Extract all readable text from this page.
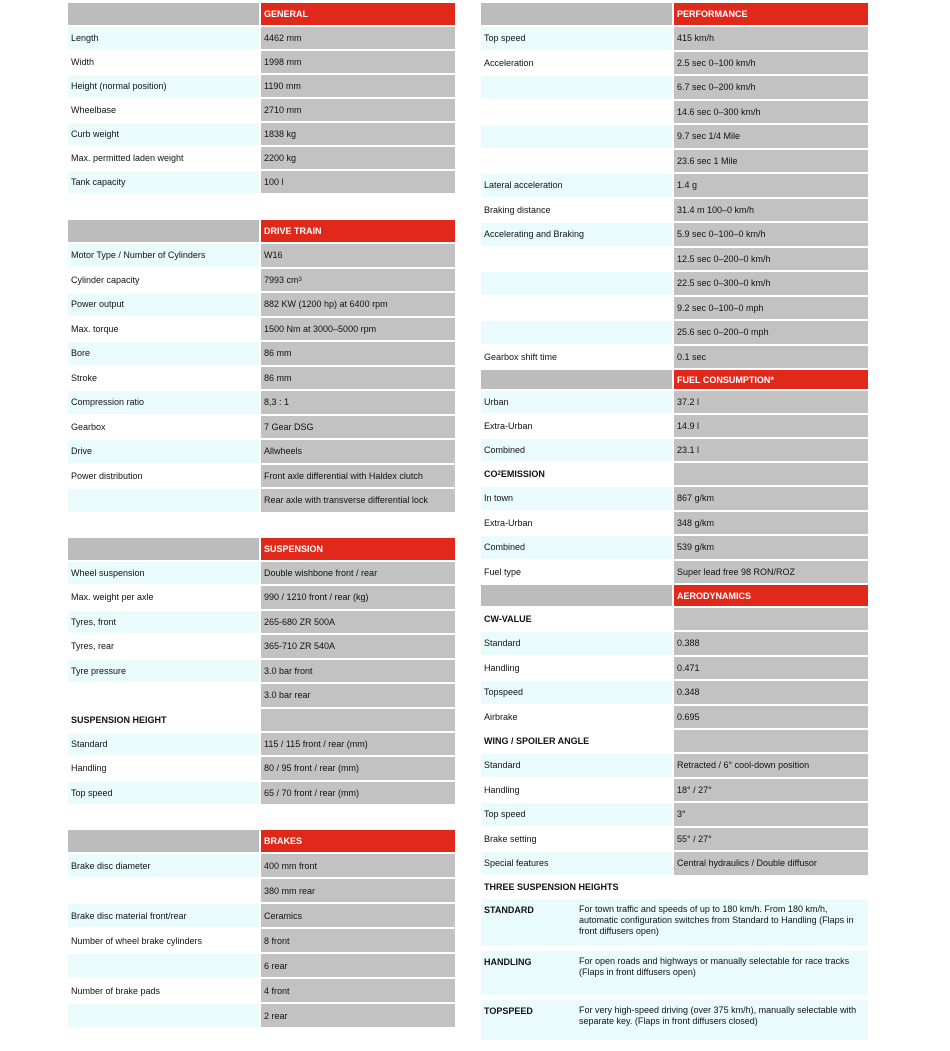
GENERAL
Length	4462 mm
Width	1998 mm
Height (normal position)	1190 mm
Wheelbase	2710 mm
Curb weight	1838 kg
Max. permitted laden weight	2200 kg
Tank capacity	100 l
DRIVE TRAIN
Motor Type / Number of Cylinders	W16
Cylinder capacity	7993 cm 3
Power output	882 KW (1200 hp) at 6400 rpm
Max. torque	1500 Nm at 3000–5000 rpm
Bore	86 mm
Stroke	86 mm
Compression ratio	8,3 : 1
Gearbox	7 Gear DSG
Drive	Allwheels
Power distribution	Front axle differential with Haldex clutch
Rear axle with transverse differential lock
SUSPENSION
Wheel suspension	Double wishbone front / rear
Max. weight per axle	990 / 1210 front / rear (kg)
Tyres, front	265-680 ZR 500A
Tyres, rear	365-710 ZR 540A
Tyre pressure	3.0 bar front
3.0 bar rear
SUSPENSION HEIGHT
Standard	115 / 115 front / rear (mm)
Handling	80 / 95 front / rear (mm)
Top speed	65 / 70 front / rear (mm)
BRAKES
Brake disc diameter	400 mm front
380 mm rear
Brake disc material front/rear	Ceramics
Number of wheel brake cylinders	8 front
6 rear
Number of brake pads	4 front
2 rear
PERFORMANCE
Top speed	415 km/h
Acceleration	2.5 sec 0–100 km/h
6.7 sec 0–200 km/h
14.6 sec 0–300 km/h
9.7 sec 1/4 Mile
23.6 sec 1 Mile
Lateral acceleration	1.4 g
Braking distance	31.4 m 100–0 km/h
Accelerating and Braking	5.9 sec 0–100–0 km/h
12.5 sec 0–200–0 km/h
22.5 sec 0–300–0 km/h
9.2 sec 0–100–0 mph
25.6 sec 0–200–0 mph
Gearbox shift time	0.1 sec
FUEL CONSUMPTION*
Urban	37.2 l
Extra-Urban	14.9 l
Combined	23.1 l
CO 2 EMISSION
In town	867 g/km
Extra-Urban	348 g/km
Combined	539 g/km
Fuel type	Super lead free 98 RON/ROZ
AERODYNAMICS
CW-VALUE
Standard	0.388
Handling	0.471
Topspeed	0.348
Airbrake	0.695
WING / SPOILER ANGLE
Standard	Retracted / 6° cool-down position
Handling	18° / 27°
Top speed	3°
Brake setting	55° / 27°
Special features	Central hydraulics / Double diffusor
THREE SUSPENSION HEIGHTS
STANDARD	For town traffic and speeds of up to 180 km/h. From 180 km/h, automatic configuration switches from Standard to Handling (Flaps in front diffusers open)
HANDLING	For open roads and highways or manually selectable for race tracks (Flaps in front diffusers open)
TOPSPEED	For very high-speed driving (over 375 km/h), manually selectable with separate key. (Flaps in front diffusers closed)
